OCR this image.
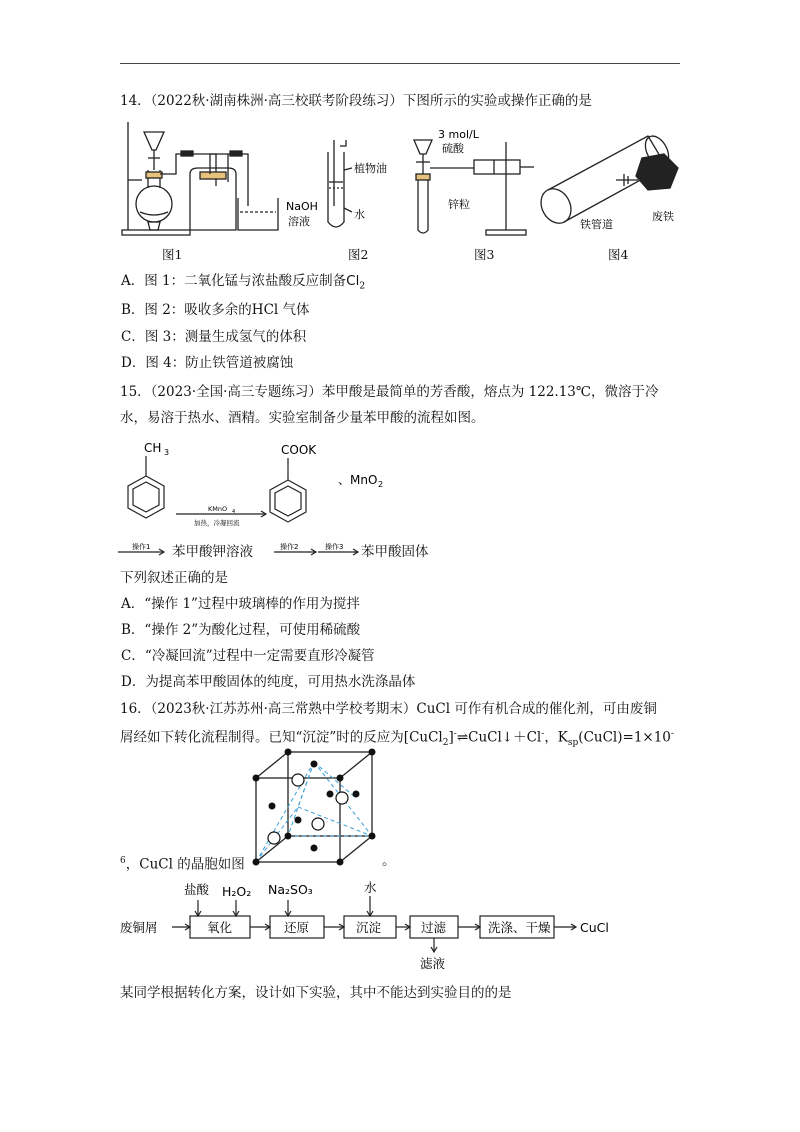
14．（2022秋·湖南株洲·高三校联考阶段练习）下图所示的实验或操作正确的是
NaOH
溶液
植物油
水
3 mol/L
硫酸
锌粒
铁管道
废铁
图1	图2	图3	图4
A．图 1：二氧化锰与浓盐酸反应制备$Cl_2$
B．图 2：吸收多余的HCl 气体
C．图 3：测量生成氢气的体积
D．图 4：防止铁管道被腐蚀
15．（2023·全国·高三专题练习）苯甲酸是最简单的芳香酸，熔点为 122.13℃，微溶于冷
水，易溶于热水、酒精。实验室制备少量苯甲酸的流程如图。
CH 3	COOK
、MnO 2
KMnO 4
加热，冷凝回流
操作1	操作2	操作3
苯甲酸钾溶液	苯甲酸固体
下列叙述正确的是
A．“操作 1”过程中玻璃棒的作用为搅拌
B．“操作 2”为酸化过程，可使用稀硫酸
C．“冷凝回流”过程中一定需要直形冷凝管
D．为提高苯甲酸固体的纯度，可用热水洗涤晶体
16．（2023秋·江苏苏州·高三常熟中学校考期末）CuCl 可作有机合成的催化剂，可由废铜
屑经如下转化流程制得。已知“沉淀”时的反应为[CuCl$_2$]-⇌CuCl↓＋Cl-，$K_{sp}(CuCl)=1\times 10^-$
$^6$，CuCl 的晶胞如图	。
盐酸 H₂O₂ Na₂SO₃	水
废铜屑	氧化	还原	沉淀	过滤	洗涤、干燥 CuCl
滤液
某同学根据转化方案，设计如下实验，其中不能达到实验目的的是
